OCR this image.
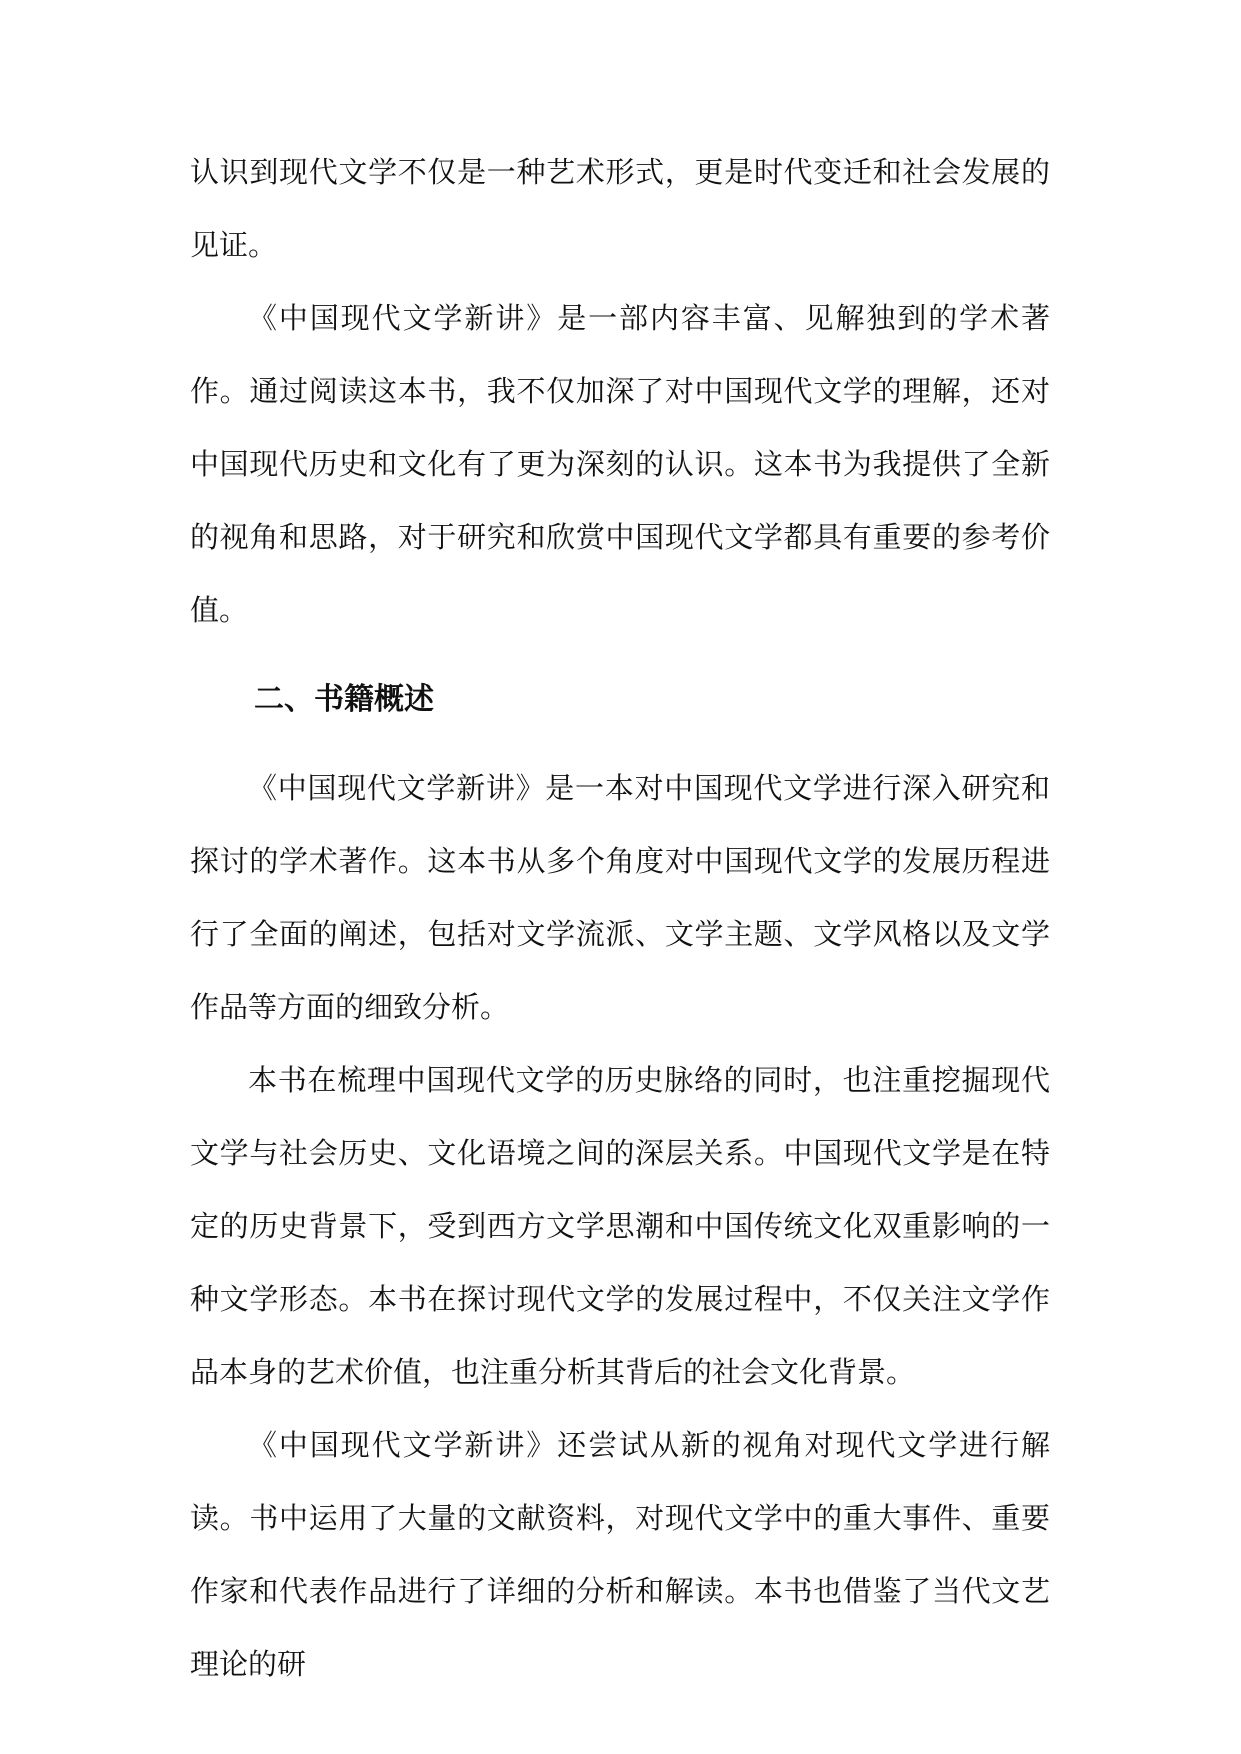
认识到现代文学不仅是一种艺术形式，更是时代变迁和社会发展的见证。

《中国现代文学新讲》是一部内容丰富、见解独到的学术著作。通过阅读这本书，我不仅加深了对中国现代文学的理解，还对中国现代历史和文化有了更为深刻的认识。这本书为我提供了全新的视角和思路，对于研究和欣赏中国现代文学都具有重要的参考价值。

二、书籍概述

《中国现代文学新讲》是一本对中国现代文学进行深入研究和探讨的学术著作。这本书从多个角度对中国现代文学的发展历程进行了全面的阐述，包括对文学流派、文学主题、文学风格以及文学作品等方面的细致分析。

本书在梳理中国现代文学的历史脉络的同时，也注重挖掘现代文学与社会历史、文化语境之间的深层关系。中国现代文学是在特定的历史背景下，受到西方文学思潮和中国传统文化双重影响的一种文学形态。本书在探讨现代文学的发展过程中，不仅关注文学作品本身的艺术价值，也注重分析其背后的社会文化背景。

《中国现代文学新讲》还尝试从新的视角对现代文学进行解读。书中运用了大量的文献资料，对现代文学中的重大事件、重要作家和代表作品进行了详细的分析和解读。本书也借鉴了当代文艺理论的研
